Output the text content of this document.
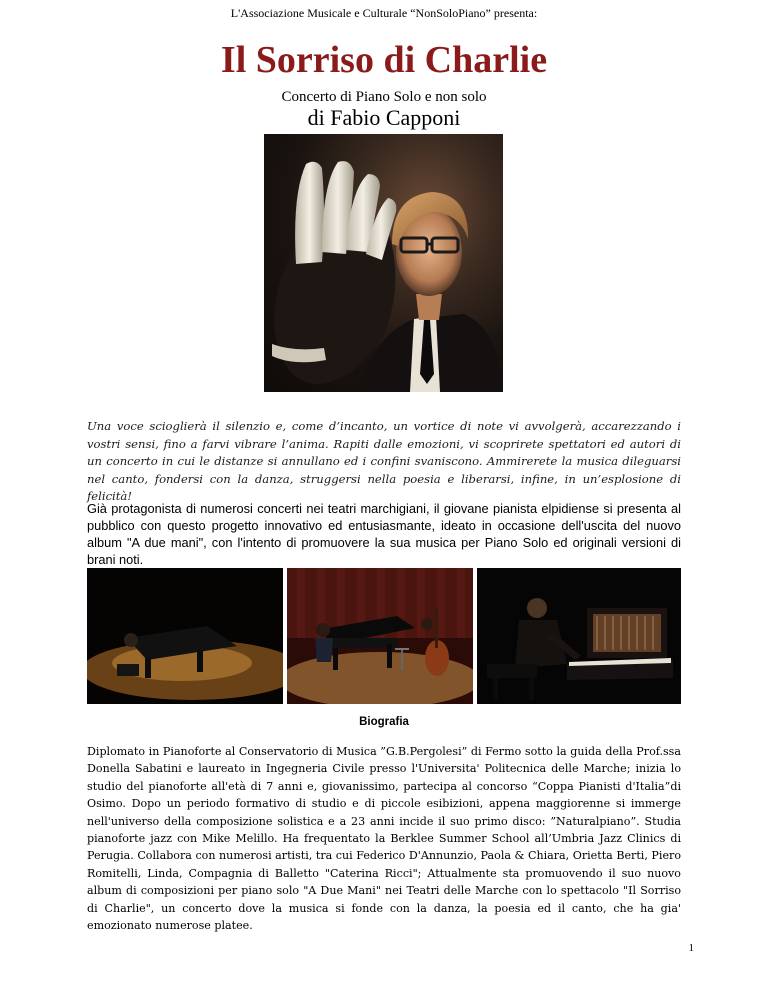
L'Associazione Musicale e Culturale “NonSoloPiano” presenta:
Il Sorriso di Charlie
Concerto di Piano Solo e non solo
di Fabio Capponi
Una voce scioglierà il silenzio e, come d’incanto, un vortice di note vi avvolgerà, accarezzando i vostri sensi, fino a farvi vibrare l’anima. Rapiti dalle emozioni, vi scoprirete spettatori ed autori di un concerto in cui le distanze si annullano ed i confini svaniscono. Ammirerete la musica dileguarsi nel canto, fondersi con la danza, struggersi nella poesia e liberarsi, infine, in un’esplosione di felicità!
Già protagonista di numerosi concerti nei teatri marchigiani, il giovane pianista elpidiense si presenta al pubblico con questo progetto innovativo ed entusiasmante, ideato in occasione dell'uscita del nuovo album "A due mani", con l'intento di promuovere la sua musica per Piano Solo ed originali versioni di brani noti.
Biografia
Diplomato in Pianoforte al Conservatorio di Musica ”G.B.Pergolesi” di Fermo sotto la guida della Prof.ssa Donella Sabatini e laureato in Ingegneria Civile presso l'Universita' Politecnica delle Marche; inizia lo studio del pianoforte all'età di 7 anni e, giovanissimo, partecipa al concorso “Coppa Pianisti d'Italia”di Osimo. Dopo un periodo formativo di studio e di piccole esibizioni, appena maggiorenne si immerge nell'universo della composizione solistica e a 23 anni incide il suo primo disco: ”Naturalpiano”. Studia pianoforte jazz con Mike Melillo. Ha frequentato la Berklee Summer School all’Umbria Jazz Clinics di Perugia. Collabora con numerosi artisti, tra cui Federico D'Annunzio, Paola & Chiara, Orietta Berti, Piero Romitelli, Linda, Compagnia di Balletto "Caterina Ricci"; Attualmente sta promuovendo il suo nuovo album di composizioni per piano solo "A Due Mani" nei Teatri delle Marche con lo spettacolo "Il Sorriso di Charlie", un concerto dove la musica si fonde con la danza, la poesia ed il canto, che ha gia' emozionato numerose platee.
1
